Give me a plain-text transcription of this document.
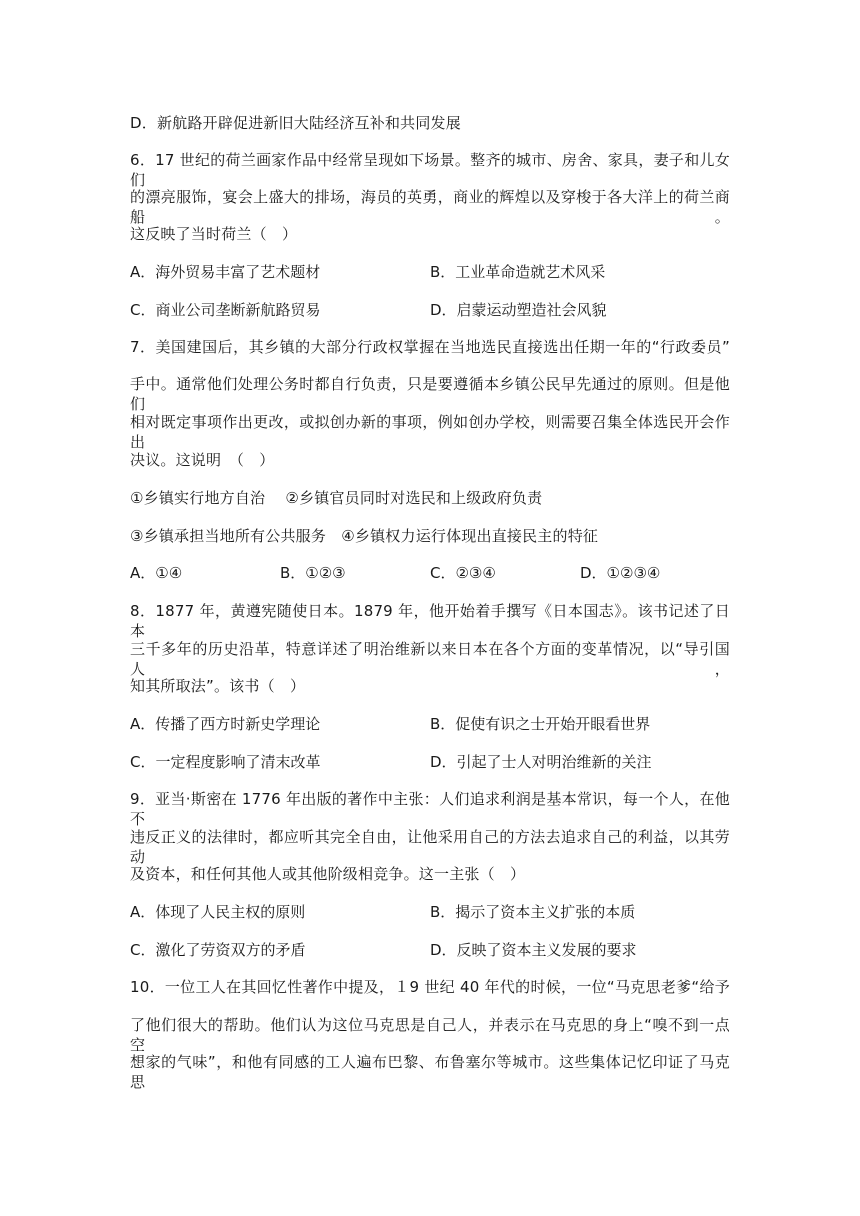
D．新航路开辟促进新旧大陆经济互补和共同发展
6．17 世纪的荷兰画家作品中经常呈现如下场景。整齐的城市、房舍、家具，妻子和儿女们
的漂亮服饰，宴会上盛大的排场，海员的英勇，商业的辉煌以及穿梭于各大洋上的荷兰商船。
这反映了当时荷兰（　）
A．海外贸易丰富了艺术题材	B．工业革命造就艺术风采
C．商业公司垄断新航路贸易	D．启蒙运动塑造社会风貌
7．美国建国后，其乡镇的大部分行政权掌握在当地选民直接选出任期一年的“行政委员”
手中。通常他们处理公务时都自行负责，只是要遵循本乡镇公民早先通过的原则。但是他们
相对既定事项作出更改，或拟创办新的事项，例如创办学校，则需要召集全体选民开会作出
决议。这说明　（　）
①乡镇实行地方自治　 ②乡镇官员同时对选民和上级政府负责
③乡镇承担当地所有公共服务　④乡镇权力运行体现出直接民主的特征
A．①④	B．①②③	C．②③④	D．①②③④
8．1877 年，黄遵宪随使日本。1879 年，他开始着手撰写《日本国志》。该书记述了日本
三千多年的历史沿革，特意详述了明治维新以来日本在各个方面的变革情况，以“导引国人，
知其所取法”。该书（　）
A．传播了西方时新史学理论	B．促使有识之士开始开眼看世界
C．一定程度影响了清末改革	D．引起了士人对明治维新的关注
9．亚当·斯密在 1776 年出版的著作中主张：人们追求利润是基本常识，每一个人，在他不
违反正义的法律时，都应听其完全自由，让他采用自己的方法去追求自己的利益，以其劳动
及资本，和任何其他人或其他阶级相竞争。这一主张（　）
A．体现了人民主权的原则	B．揭示了资本主义扩张的本质
C．激化了劳资双方的矛盾	D．反映了资本主义发展的要求
10．一位工人在其回忆性著作中提及，１9 世纪 40 年代的时候，一位“马克思老爹“给予
了他们很大的帮助。他们认为这位马克思是自己人，并表示在马克思的身上“嗅不到一点空
想家的气味”，和他有同感的工人遍布巴黎、布鲁塞尔等城市。这些集体记忆印证了马克思
